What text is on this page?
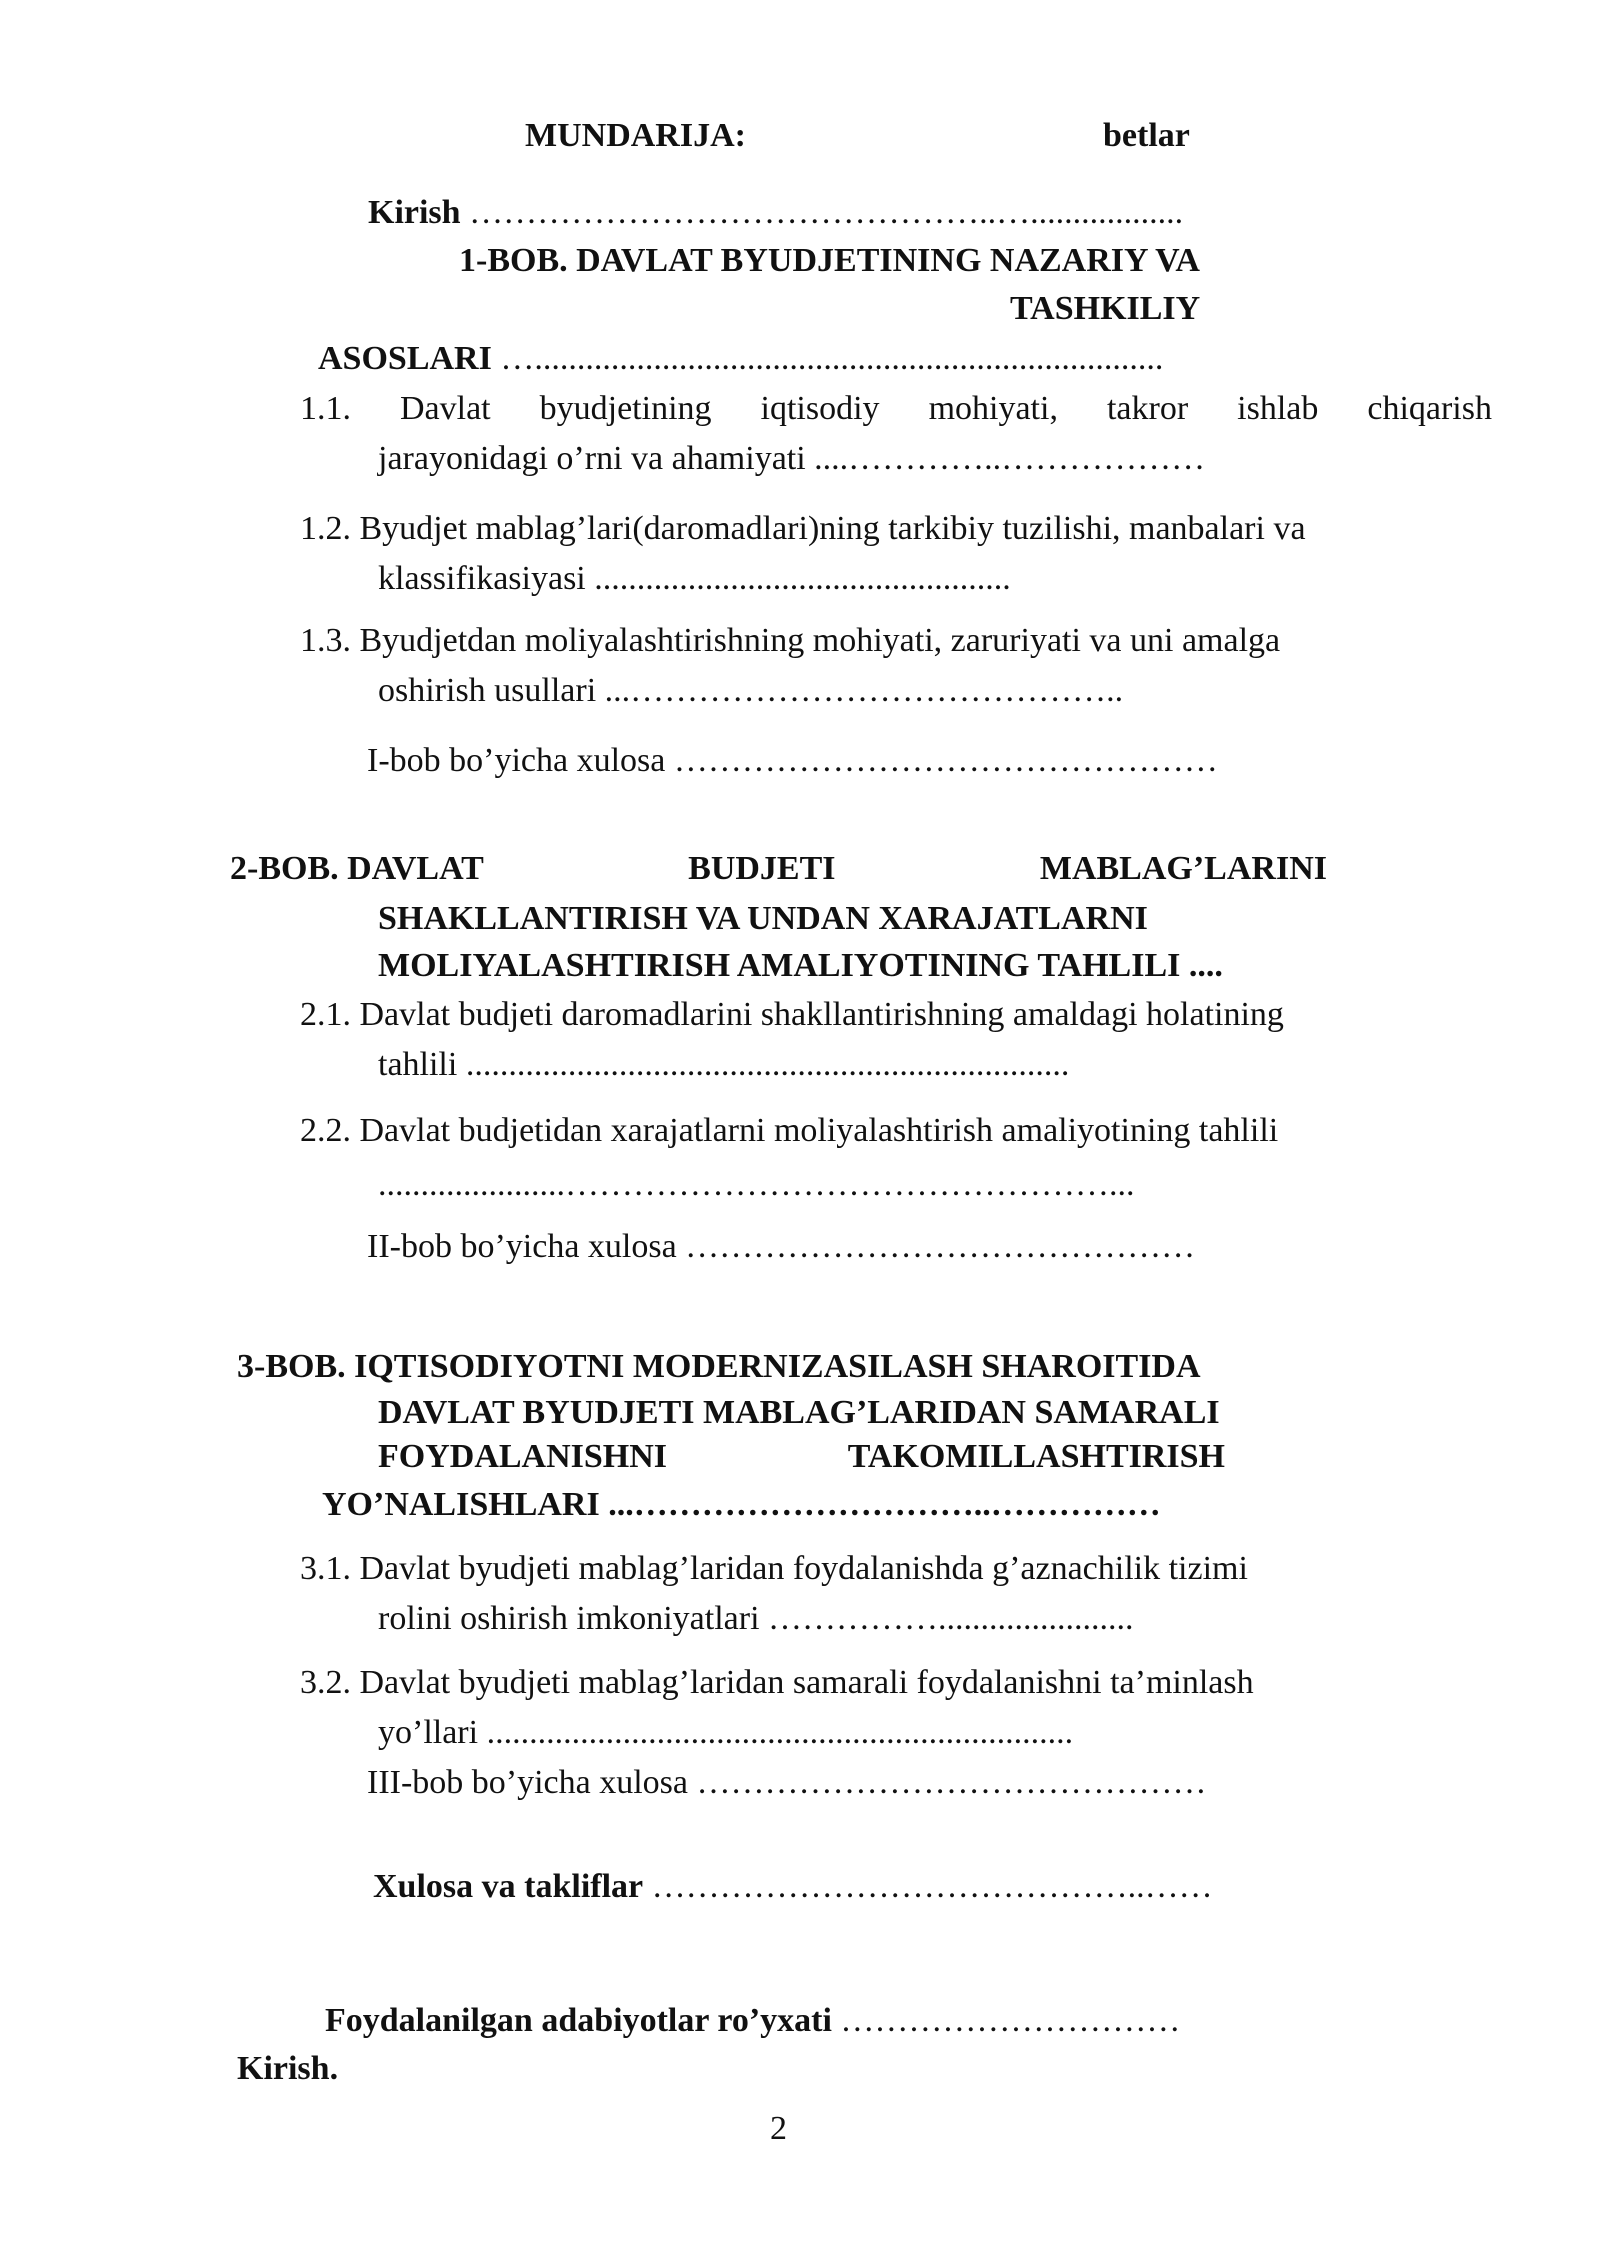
MUNDARIJA:	betlar
Kirish ………………………………………..…..................
1-BOB. DAVLAT BYUDJETINING NAZARIY VA
TASHKILIY
ASOSLARI …..........................................................................
1.1. Davlat byudjetining iqtisodiy mohiyati, takror ishlab chiqarish
jarayonidagi o’rni va ahamiyati ....…………..………………
1.2. Byudjet mablag’lari(daromadlari)ning tarkibiy tuzilishi, manbalari va
klassifikasiyasi .................................................
1.3. Byudjetdan moliyalashtirishning mohiyati, zaruriyati va uni amalga
oshirish usullari ...……………………………………..
I-bob bo’yicha xulosa …………………………………………
2-BOB. DAVLAT	BUDJETI	MABLAG’LARINI
SHAKLLANTIRISH VA UNDAN XARAJATLARNI
MOLIYALASHTIRISH AMALIYOTINING TAHLILI ....
2.1. Davlat budjeti daromadlarini shakllantirishning amaldagi holatining
tahlili .......................................................................
2.2. Davlat budjetidan xarajatlarni moliyalashtirish amaliyotining tahlili
......................…………………………………………...
II-bob bo’yicha xulosa ………………………………………
3-BOB. IQTISODIYOTNI MODERNIZASILASH SHAROITIDA
DAVLAT BYUDJETI MABLAG’LARIDAN SAMARALI
FOYDALANISHNI	TAKOMILLASHTIRISH
YO’NALISHLARI ...…………………………..……………
3.1. Davlat byudjeti mablag’laridan foydalanishda g’aznachilik tizimi
rolini oshirish imkoniyatlari …………….......................
3.2. Davlat byudjeti mablag’laridan samarali foydalanishni ta’minlash
yo’llari .....................................................................
III-bob bo’yicha xulosa ………………………………………
Xulosa va takliflar ……………………………………..……
Foydalanilgan adabiyotlar ro’yxati …………………………
Kirish.
2
